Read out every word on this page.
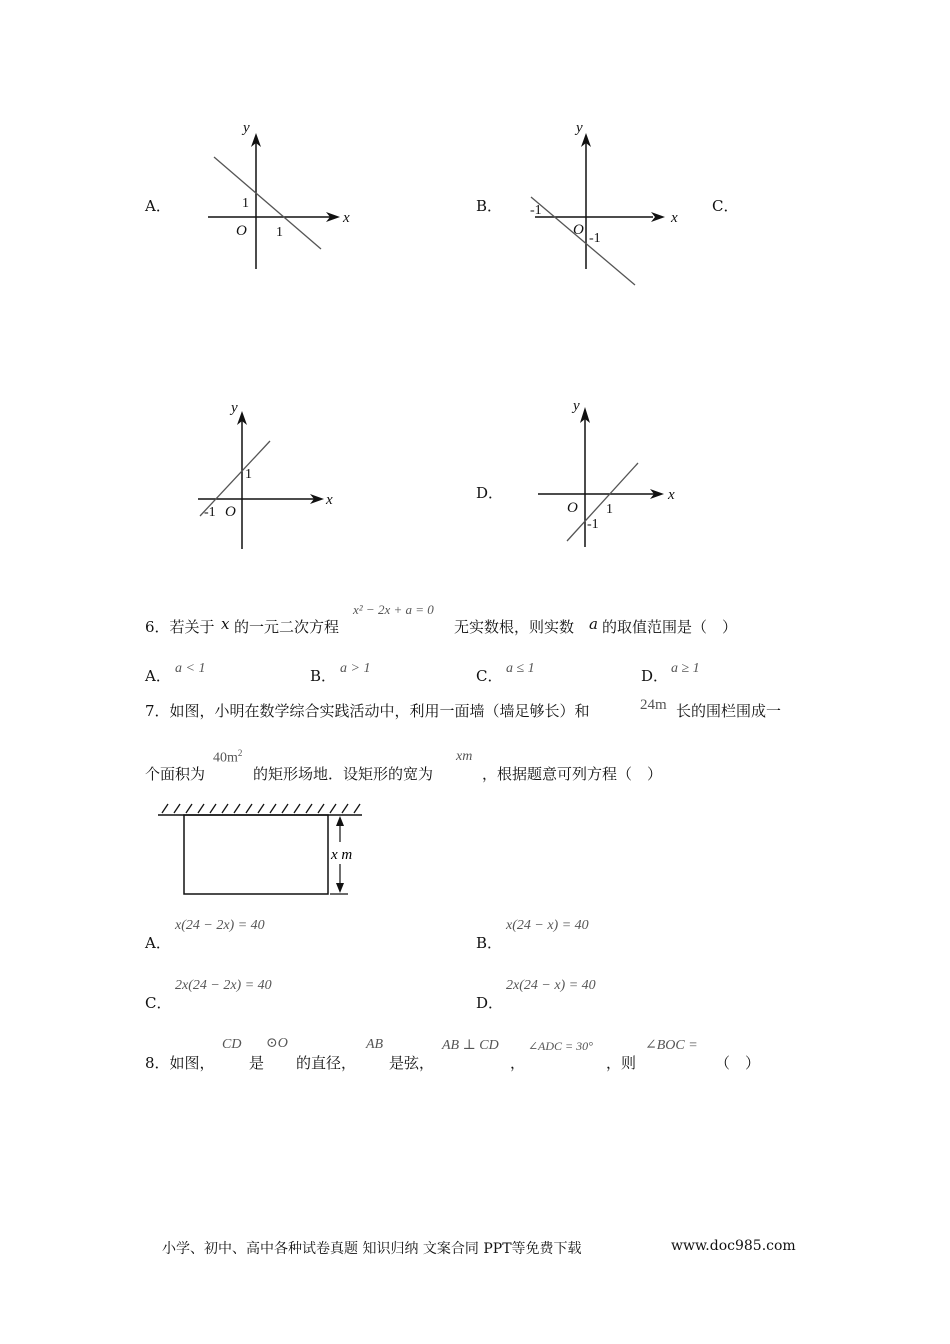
A．
x
y
1
O 1
B．
x
y
-1
O
-1
C．
x
y
1
-1 O
D．	x
y
O 1
-1
6．若关于 x 的一元二次方程
x² − 2x + a = 0
无实数根，则实数 a 的取值范围是（　）
A． a < 1	B． a > 1	C． a ≤ 1	D． a ≥ 1
7．如图，小明在数学综合实践活动中，利用一面墙（墙足够长）和	24m 长的围栏围成一
个面积为
$40m^2$
的矩形场地．设矩形的宽为
xm
，根据题意可列方程（　）
x m
A．
x(24 − 2x) = 40
B．
x(24 − x) = 40
C．
2x(24 − 2x) = 40
D．
2x(24 − x) = 40
8．如图，
CD
是
⊙O
的直径，
AB
是弦，
AB ⊥ CD
，
∠ADC = 30°
，则
∠BOC =
（　）
小学、初中、高中各种试卷真题 知识归纳 文案合同 PPT等免费下载	www.doc985.com
